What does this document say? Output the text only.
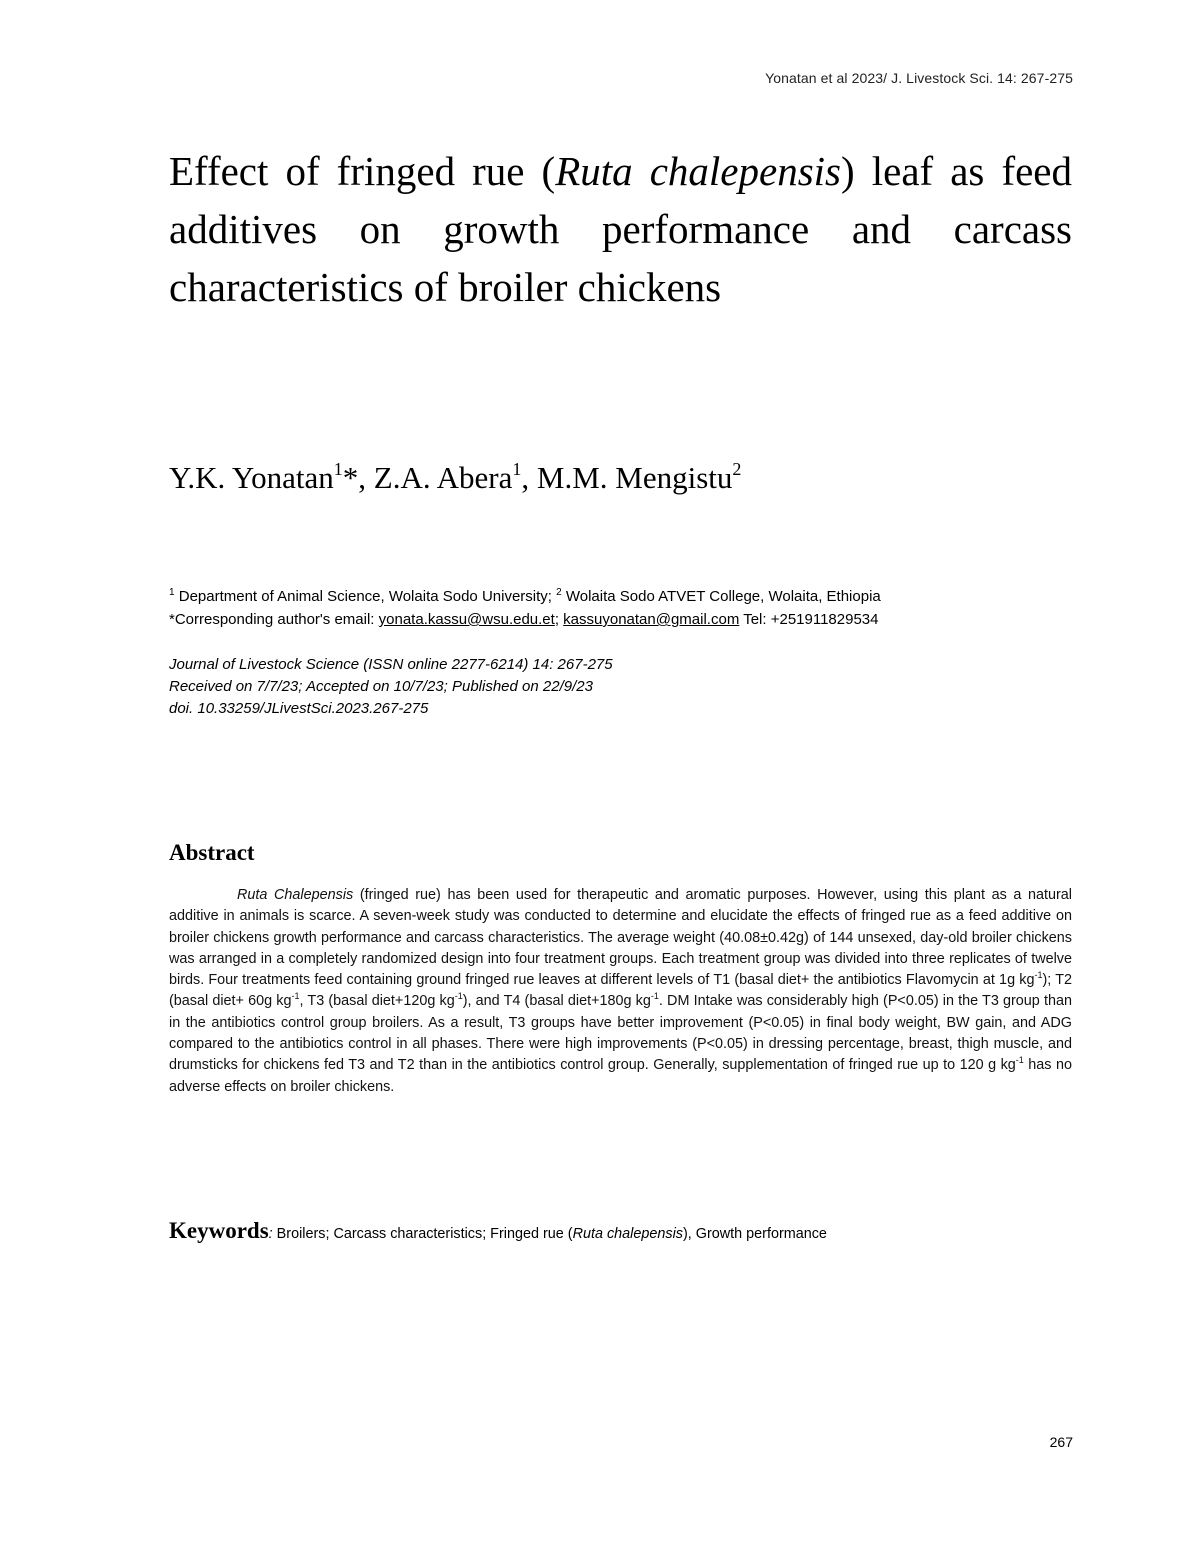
Yonatan et al 2023/ J. Livestock Sci. 14: 267-275
Effect of fringed rue (Ruta chalepensis) leaf as feed additives on growth performance and carcass characteristics of broiler chickens
Y.K. Yonatan$^1$*, Z.A. Abera$^1$, M.M. Mengistu$^2$
$^1$ Department of Animal Science, Wolaita Sodo University; $^2$ Wolaita Sodo ATVET College, Wolaita, Ethiopia
*Corresponding author's email: yonata.kassu@wsu.edu.et; kassuyonatan@gmail.com Tel: +251911829534
Journal of Livestock Science (ISSN online 2277-6214) 14: 267-275
Received on 7/7/23; Accepted on 10/7/23; Published on 22/9/23
doi. 10.33259/JLivestSci.2023.267-275
Abstract

Ruta Chalepensis (fringed rue) has been used for therapeutic and aromatic purposes. However, using this plant as a natural additive in animals is scarce. A seven-week study was conducted to determine and elucidate the effects of fringed rue as a feed additive on broiler chickens growth performance and carcass characteristics. The average weight (40.08±0.42g) of 144 unsexed, day-old broiler chickens was arranged in a completely randomized design into four treatment groups. Each treatment group was divided into three replicates of twelve birds. Four treatments feed containing ground fringed rue leaves at different levels of T1 (basal diet+ the antibiotics Flavomycin at 1g $kg^{-1}$); T2 (basal diet+ 60g $kg^{-1}$, T3 (basal diet+120g $kg^{-1}$), and T4 (basal diet+180g $kg^{-1}$. DM Intake was considerably high (P<0.05) in the T3 group than in the antibiotics control group broilers. As a result, T3 groups have better improvement (P<0.05) in final body weight, BW gain, and ADG compared to the antibiotics control in all phases. There were high improvements (P<0.05) in dressing percentage, breast, thigh muscle, and drumsticks for chickens fed T3 and T2 than in the antibiotics control group. Generally, supplementation of fringed rue up to 120 g $kg^{-1}$ has no adverse effects on broiler chickens.

Keywords: Broilers; Carcass characteristics; Fringed rue (Ruta chalepensis), Growth performance
267
